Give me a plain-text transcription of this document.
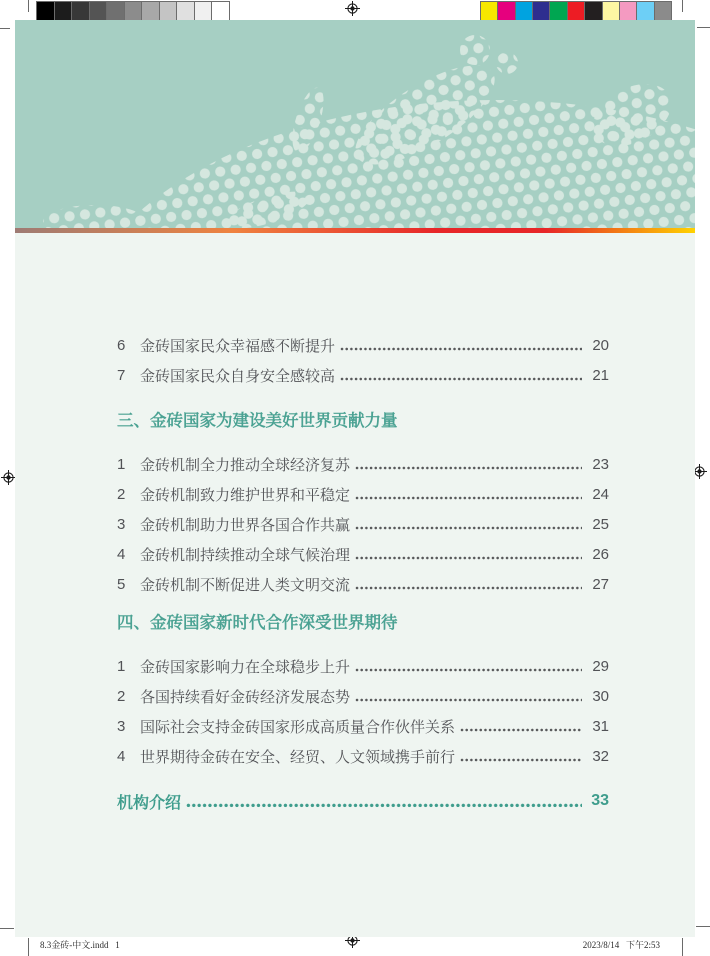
6 金砖国家民众幸福感不断提升	20
7 金砖国家民众自身安全感较高	21
三、金砖国家为建设美好世界贡献力量
1 金砖机制全力推动全球经济复苏	23
2 金砖机制致力维护世界和平稳定	24
3 金砖机制助力世界各国合作共赢	25
4 金砖机制持续推动全球气候治理	26
5 金砖机制不断促进人类文明交流	27
四、金砖国家新时代合作深受世界期待
1 金砖国家影响力在全球稳步上升	29
2 各国持续看好金砖经济发展态势	30
3 国际社会支持金砖国家形成高质量合作伙伴关系	31
4 世界期待金砖在安全、经贸、人文领域携手前行	32
机构介绍	33
8.3金砖-中文.indd   1	2023/8/14   下午2:53
